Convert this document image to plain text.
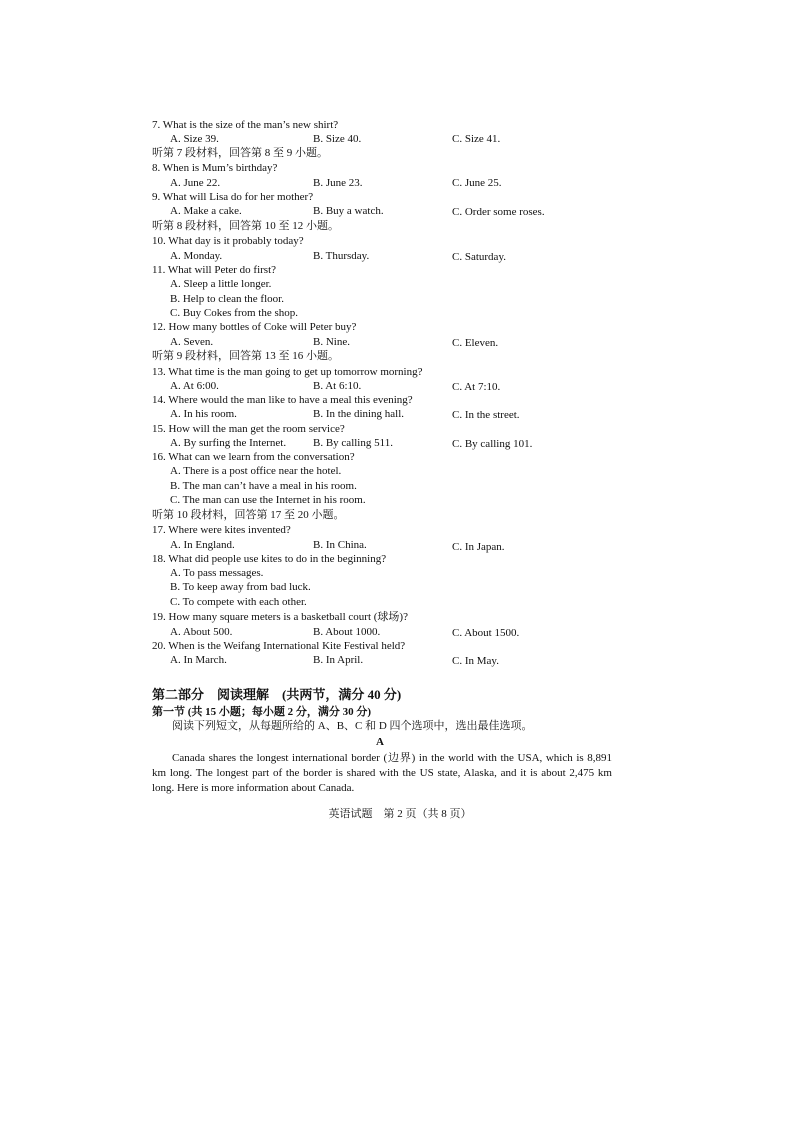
7. What is the size of the man’s new shirt?
A. Size 39.	B. Size 40.	C. Size 41.
听第 7 段材料，回答第 8 至 9 小题。
8. When is Mum’s birthday?
A. June 22.	B. June 23.	C. June 25.
9. What will Lisa do for her mother?
A. Make a cake.	B. Buy a watch.	C. Order some roses.
听第 8 段材料，回答第 10 至 12 小题。
10. What day is it probably today?
A. Monday.	B. Thursday.	C. Saturday.
11. What will Peter do first?
A. Sleep a little longer.
B. Help to clean the floor.
C. Buy Cokes from the shop.
12. How many bottles of Coke will Peter buy?
A. Seven.	B. Nine.	C. Eleven.
听第 9 段材料，回答第 13 至 16 小题。
13. What time is the man going to get up tomorrow morning?
A. At 6:00.	B. At 6:10.	C. At 7:10.
14. Where would the man like to have a meal this evening?
A. In his room.	B. In the dining hall.	C. In the street.
15. How will the man get the room service?
A. By surfing the Internet. B. By calling 511.	C. By calling 101.
16. What can we learn from the conversation?
A. There is a post office near the hotel.
B. The man can’t have a meal in his room.
C. The man can use the Internet in his room.
听第 10 段材料，回答第 17 至 20 小题。
17. Where were kites invented?
A. In England.	B. In China.	C. In Japan.
18. What did people use kites to do in the beginning?
A. To pass messages.
B. To keep away from bad luck.
C. To compete with each other.
19. How many square meters is a basketball court (球场)?
A. About 500.	B. About 1000.	C. About 1500.
20. When is the Weifang International Kite Festival held?
A. In March.	B. In April.	C. In May.
第二部分　阅读理解　(共两节，满分 40 分)
第一节 (共 15 小题；每小题 2 分，满分 30 分)
阅读下列短文，从每题所给的 A、B、C 和 D 四个选项中，选出最佳选项。
A
Canada shares the longest international border (边界) in the world with the USA, which is 8,891 km long. The longest part of the border is shared with the US state, Alaska, and it is about 2,475 km long. Here is more information about Canada.
英语试题　第 2 页（共 8 页）
